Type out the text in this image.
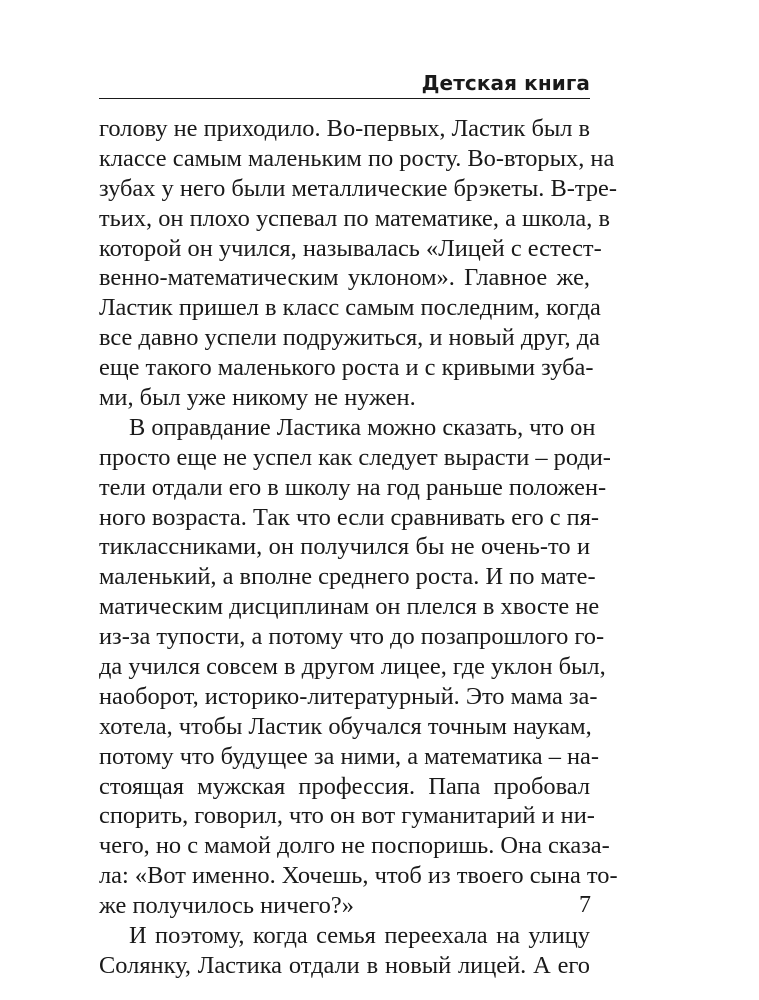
Детская книга
голову не приходило. Во-первых, Ластик был в
классе самым маленьким по росту. Во-вторых, на
зубах у него были металлические брэкеты. В-тре-
тьих, он плохо успевал по математике, а школа, в
которой он учился, называлась «Лицей с естест-
венно-математическим уклоном». Главное же,
Ластик пришел в класс самым последним, когда
все давно успели подружиться, и новый друг, да
еще такого маленького роста и с кривыми зуба-
ми, был уже никому не нужен.
В оправдание Ластика можно сказать, что он
просто еще не успел как следует вырасти – роди-
тели отдали его в школу на год раньше положен-
ного возраста. Так что если сравнивать его с пя-
тиклассниками, он получился бы не очень-то и
маленький, а вполне среднего роста. И по мате-
матическим дисциплинам он плелся в хвосте не
из-за тупости, а потому что до позапрошлого го-
да учился совсем в другом лицее, где уклон был,
наоборот, историко-литературный. Это мама за-
хотела, чтобы Ластик обучался точным наукам,
потому что будущее за ними, а математика – на-
стоящая мужская профессия. Папа пробовал
спорить, говорил, что он вот гуманитарий и ни-
чего, но с мамой долго не поспоришь. Она сказа-
ла: «Вот именно. Хочешь, чтоб из твоего сына то-
же получилось ничего?»
И поэтому, когда семья переехала на улицу
Солянку, Ластика отдали в новый лицей. А его
7
